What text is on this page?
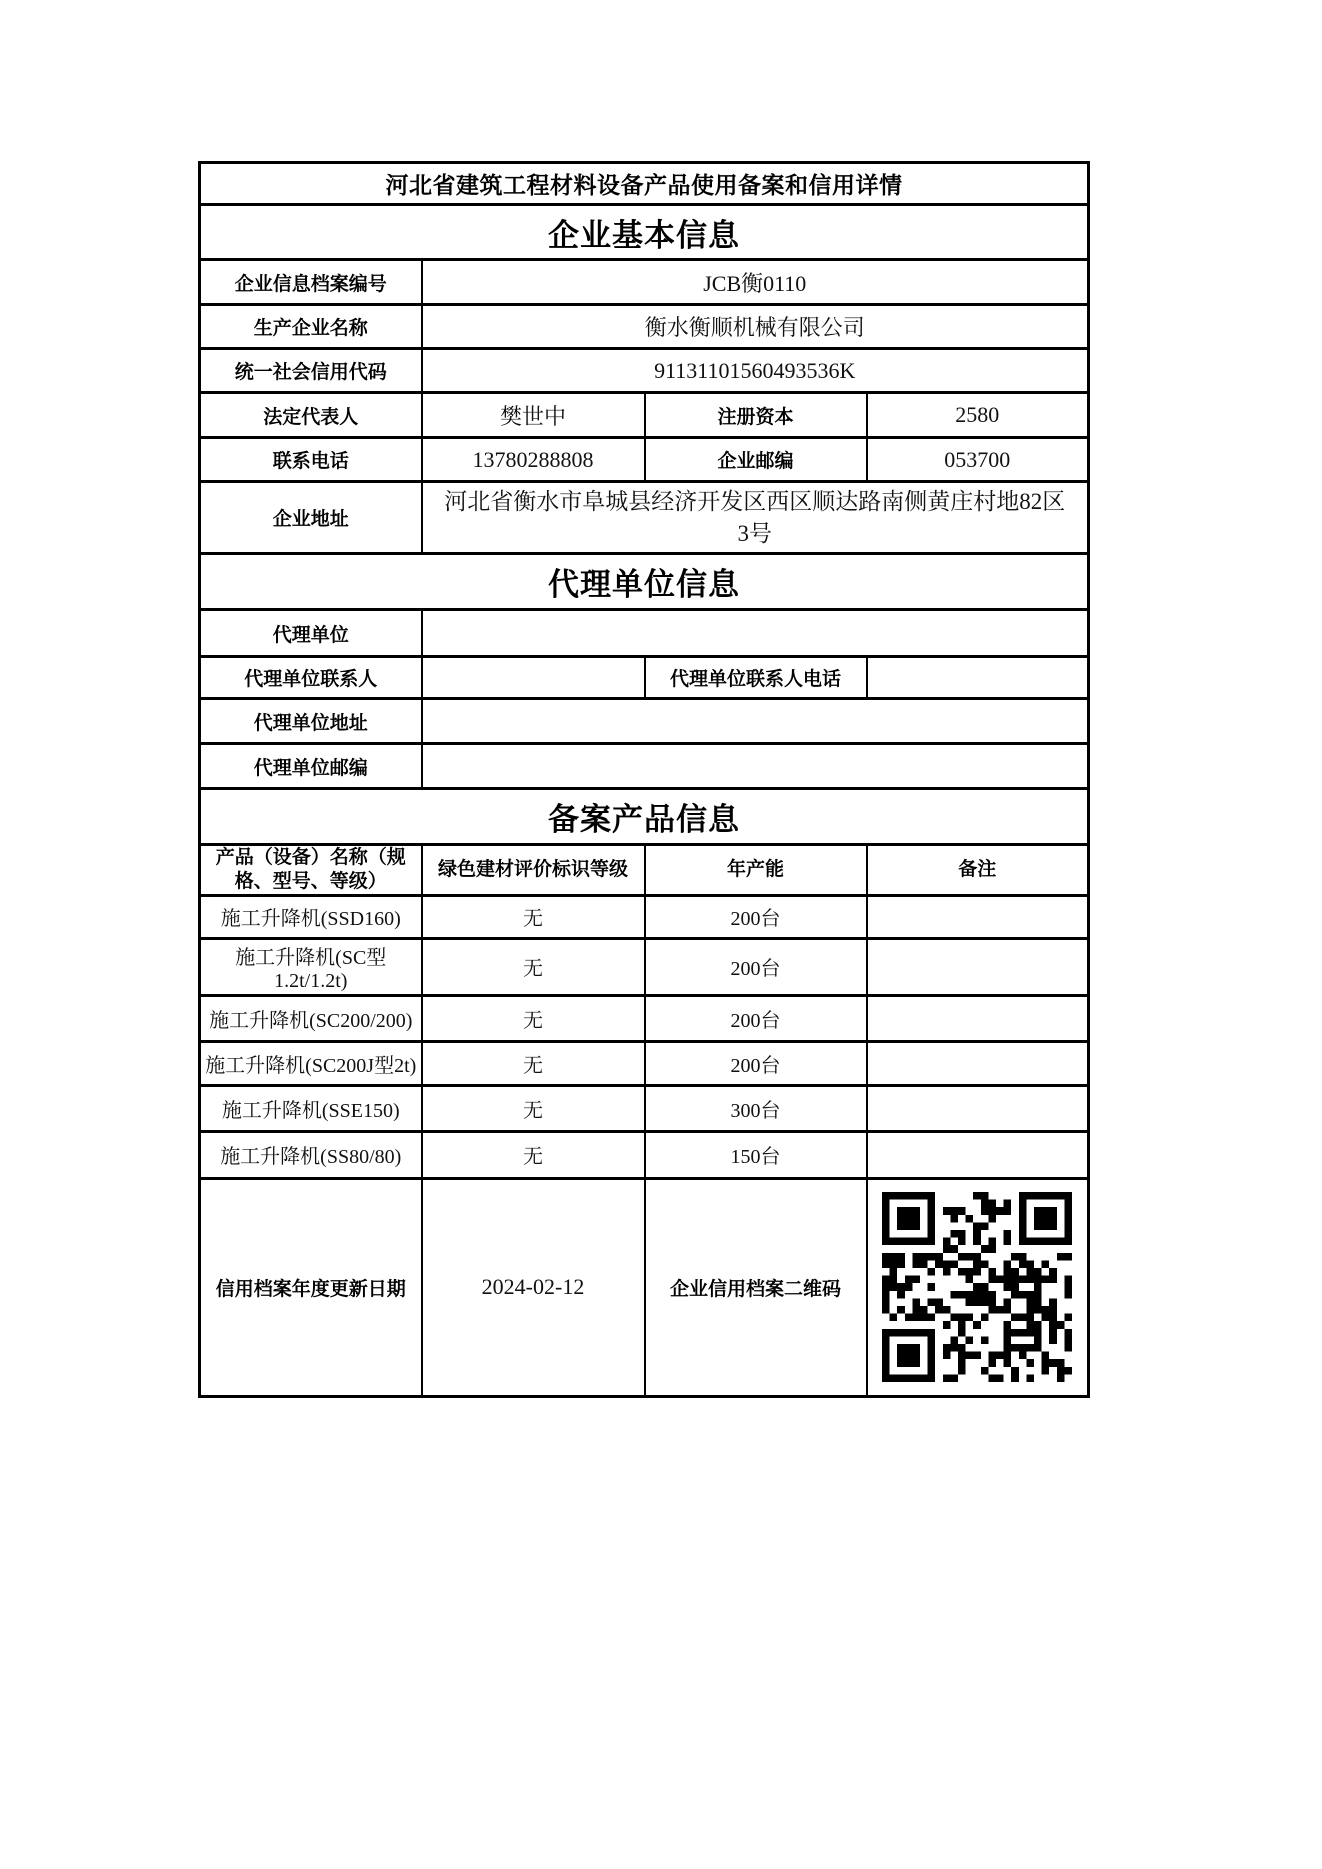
河北省建筑工程材料设备产品使用备案和信用详情			
企业基本信息			
企业信息档案编号	JCB衡0110		
生产企业名称	衡水衡顺机械有限公司		
统一社会信用代码	91131101560493536K		
法定代表人	樊世中	注册资本	2580
联系电话	13780288808	企业邮编	053700
企业地址	河北省衡水市阜城县经济开发区西区顺达路南侧黄庄村地82区3号		

代理单位信息			
代理单位			
代理单位联系人		代理单位联系人电话	
代理单位地址			
代理单位邮编			
备案产品信息			
产品（设备）名称（规格、型号、等级）	绿色建材评价标识等级	年产能	备注
施工升降机(SSD160)	无	200台	
施工升降机(SC型1.2t/1.2t)	无	200台	
施工升降机(SC200/200)	无	200台	
施工升降机(SC200J型2t)	无	200台	
施工升降机(SSE150)	无	300台	
施工升降机(SS80/80)	无	150台	
信用档案年度更新日期	2024-02-12	企业信用档案二维码	
